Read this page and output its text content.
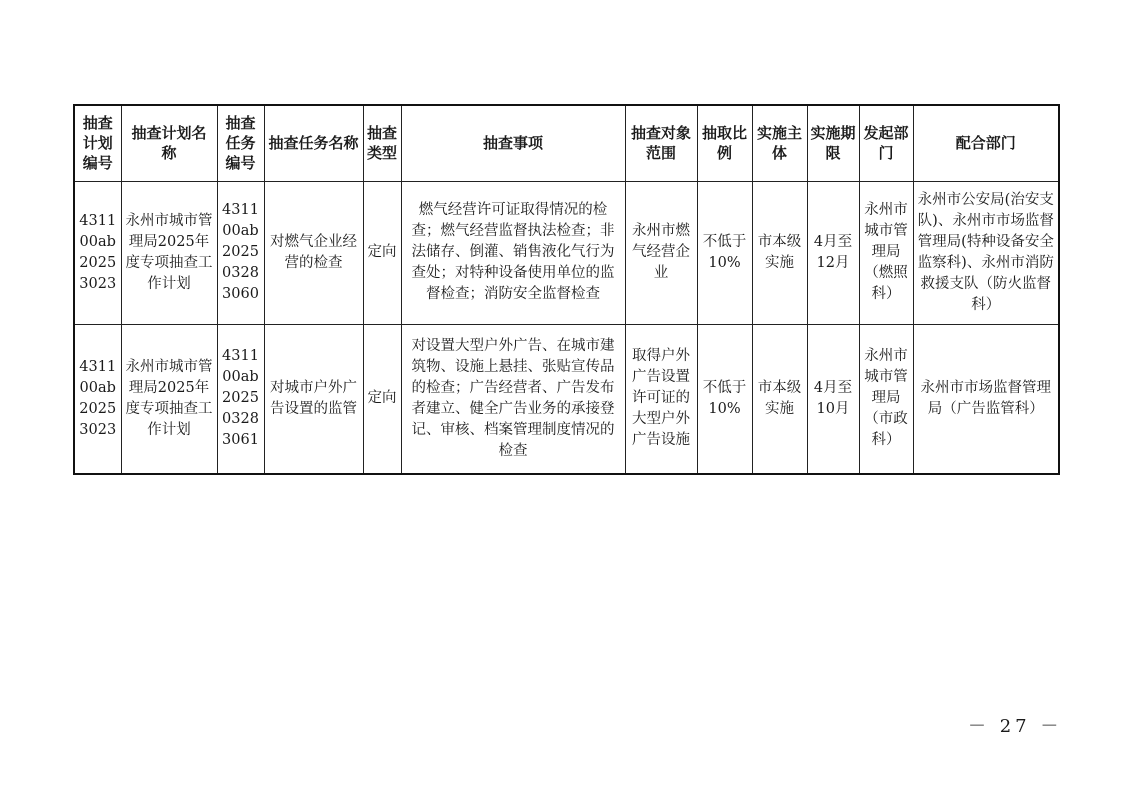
抽查计划编号	抽查计划名称	抽查任务编号	抽查任务名称	抽查类型	抽查事项	抽查对象范围	抽取比例	实施主体	实施期限	发起部门	配合部门
431100ab20253023	永州市城市管理局2025年度专项抽查工作计划	431100ab202503283060	对燃气企业经营的检查	定向	燃气经营许可证取得情况的检查；燃气经营监督执法检查；非法储存、倒灌、销售液化气行为查处；对特种设备使用单位的监督检查；消防安全监督检查	永州市燃气经营企业	不低于10%	市本级实施	4月至12月	永州市城市管理局（燃照科）	永州市公安局(治安支队)、永州市市场监督管理局(特种设备安全监察科)、永州市消防救援支队（防火监督科）
431100ab20253023	永州市城市管理局2025年度专项抽查工作计划	431100ab202503283061	对城市户外广告设置的监管	定向	对设置大型户外广告、在城市建筑物、设施上悬挂、张贴宣传品的检查；广告经营者、广告发布者建立、健全广告业务的承接登记、审核、档案管理制度情况的检查	取得户外广告设置许可证的大型户外广告设施	不低于10%	市本级实施	4月至10月	永州市城市管理局（市政科）	永州市市场监督管理局（广告监管科）
－ 27 －
